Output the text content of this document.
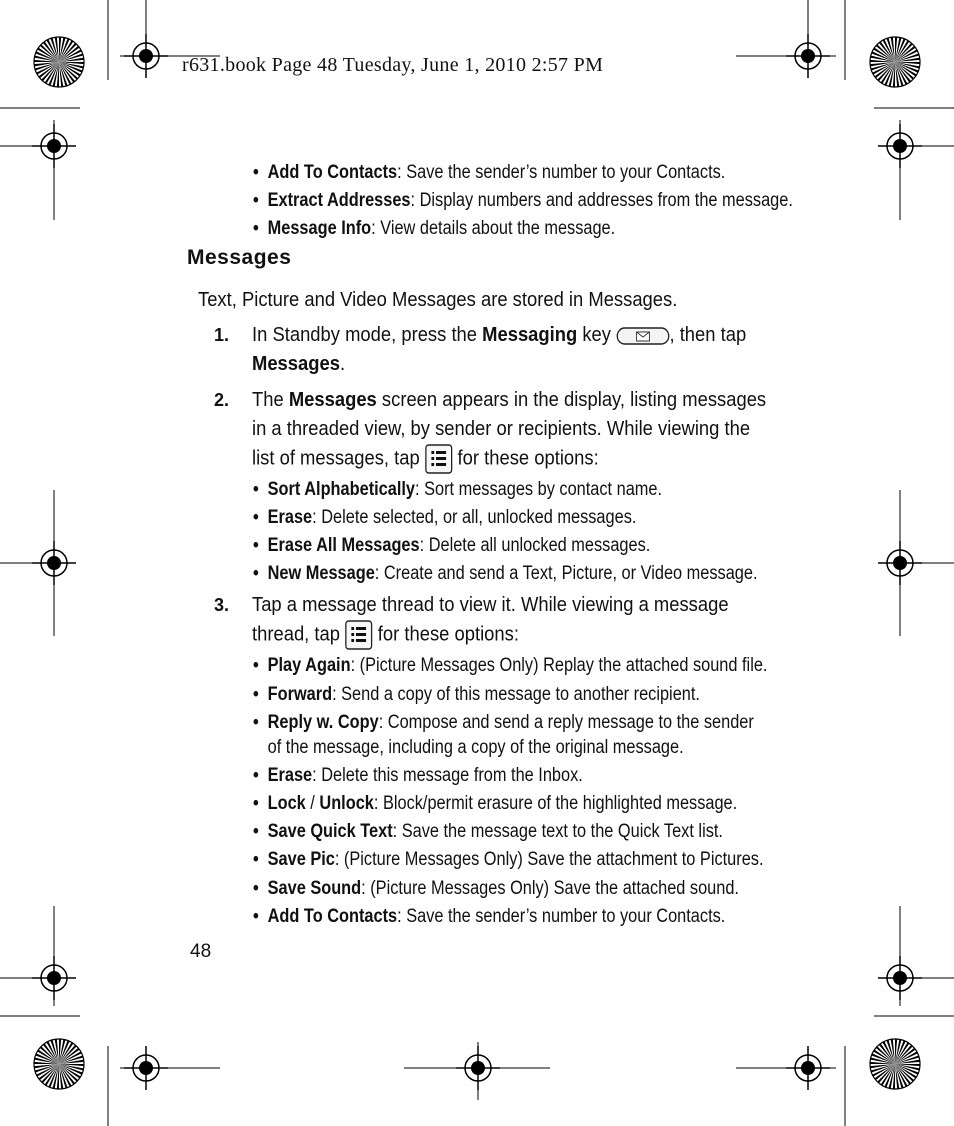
r631.book Page 48 Tuesday, June 1, 2010 2:57 PM
• Add To Contacts: Save the sender’s number to your Contacts.
• Extract Addresses: Display numbers and addresses from the message.
• Message Info: View details about the message.
Messages
Text, Picture and Video Messages are stored in Messages.
1. In Standby mode, press the Messaging key	, then tap
Messages.
2. The Messages screen appears in the display, listing messages
in a threaded view, by sender or recipients. While viewing the
list of messages, tap  for these options:
• Sort Alphabetically: Sort messages by contact name.
• Erase: Delete selected, or all, unlocked messages.
• Erase All Messages: Delete all unlocked messages.
• New Message: Create and send a Text, Picture, or Video message.
3. Tap a message thread to view it. While viewing a message
thread, tap  for these options:
• Play Again: (Picture Messages Only) Replay the attached sound file.
• Forward: Send a copy of this message to another recipient.
• Reply w. Copy: Compose and send a reply message to the sender
of the message, including a copy of the original message.
• Erase: Delete this message from the Inbox.
• Lock / Unlock: Block/permit erasure of the highlighted message.
• Save Quick Text: Save the message text to the Quick Text list.
• Save Pic: (Picture Messages Only) Save the attachment to Pictures.
• Save Sound: (Picture Messages Only) Save the attached sound.
• Add To Contacts: Save the sender’s number to your Contacts.
48
